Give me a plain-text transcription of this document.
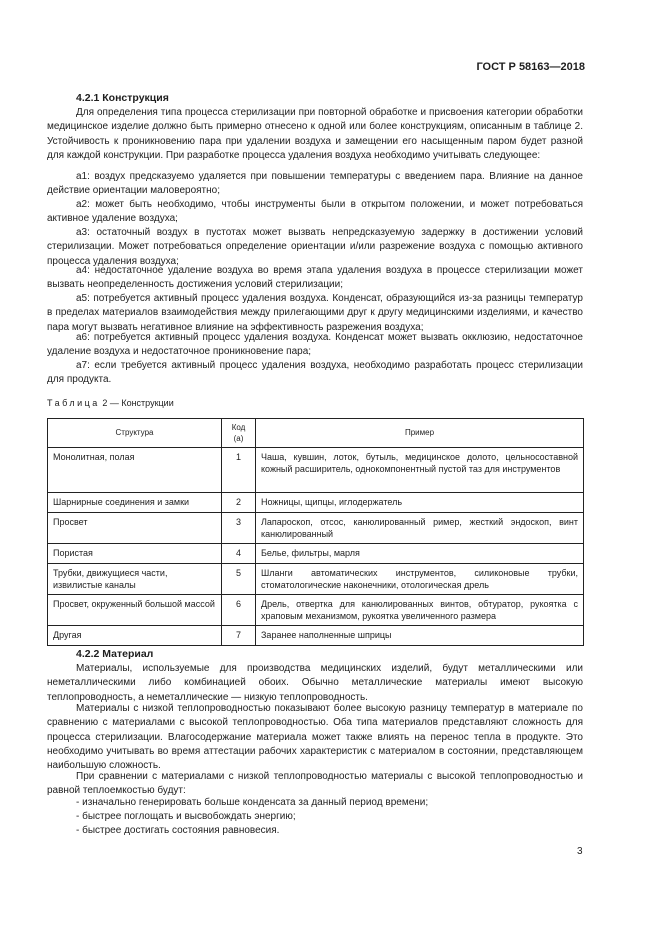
ГОСТ Р 58163—2018
4.2.1 Конструкция
Для определения типа процесса стерилизации при повторной обработке и присвоения категории обработки медицинское изделие должно быть примерно отнесено к одной или более конструкциям, описанным в таблице 2. Устойчивость к проникновению пара при удалении воздуха и замещении его насыщенным паром будет разной для каждой конструкции. При разработке процесса удаления воздуха необходимо учитывать следующее:
а1: воздух предсказуемо удаляется при повышении температуры с введением пара. Влияние на данное действие ориентации маловероятно;
а2: может быть необходимо, чтобы инструменты были в открытом положении, и может потребоваться активное удаление воздуха;
а3: остаточный воздух в пустотах может вызвать непредсказуемую задержку в достижении условий стерилизации. Может потребоваться определение ориентации и/или разрежение воздуха с помощью активного процесса удаления воздуха;
а4: недостаточное удаление воздуха во время этапа удаления воздуха в процессе стерилизации может вызвать неопределенность достижения условий стерилизации;
а5: потребуется активный процесс удаления воздуха. Конденсат, образующийся из-за разницы температур в пределах материалов взаимодействия между прилегающими друг к другу медицинскими изделиями, и качество пара могут вызвать негативное влияние на эффективность разрежения воздуха;
а6: потребуется активный процесс удаления воздуха. Конденсат может вызвать окклюзию, недостаточное удаление воздуха и недостаточное проникновение пара;
а7: если требуется активный процесс удаления воздуха, необходимо разработать процесс стерилизации для продукта.
Таблица 2 — Конструкции
Структура	Код (а)	Пример
Монолитная, полая	1	Чаша, кувшин, лоток, бутыль, медицинское долото, цельносоставной кожный расширитель, однокомпонентный пустой таз​ для инструментов
Шарнирные соединения и замки	2	Ножницы, щипцы, иглодержатель
Просвет	3	Лапароскоп, отсос, канюлированный ример, жесткий эндоскоп, винт канюлированный
Пористая	4	Белье, фильтры, марля
Трубки, движущиеся части, извилистые каналы	5	Шланги автоматических инструментов, силиконовые трубки, стоматологические наконечники, отологическая дрель
Просвет, окруженный большой массой	6	Дрель, отвертка для канюлированных винтов, обтуратор, рукоятка с храповым механизмом, рукоятка увеличенного размера
Другая	7	Заранее наполненные шприцы
4.2.2 Материал
Материалы, используемые для производства медицинских изделий, будут металлическими или неметаллическими либо комбинацией обоих. Обычно металлические материалы имеют высокую теплопроводность, а неметаллические — низкую теплопроводность.
Материалы с низкой теплопроводностью показывают более высокую разницу температур в материале по сравнению с материалами с высокой теплопроводностью. Оба типа материалов представляют сложность для процесса стерилизации. Влагосодержание материала может также влиять на перенос тепла в продукте. Это необходимо учитывать во время аттестации рабочих характеристик с материалом в состоянии, представляющем наибольшую сложность.
При сравнении с материалами с низкой теплопроводностью материалы с высокой теплопроводностью и равной теплоемкостью будут:
- изначально генерировать больше конденсата за данный период времени;
- быстрее поглощать и высвобождать энергию;
- быстрее достигать состояния равновесия.
3
